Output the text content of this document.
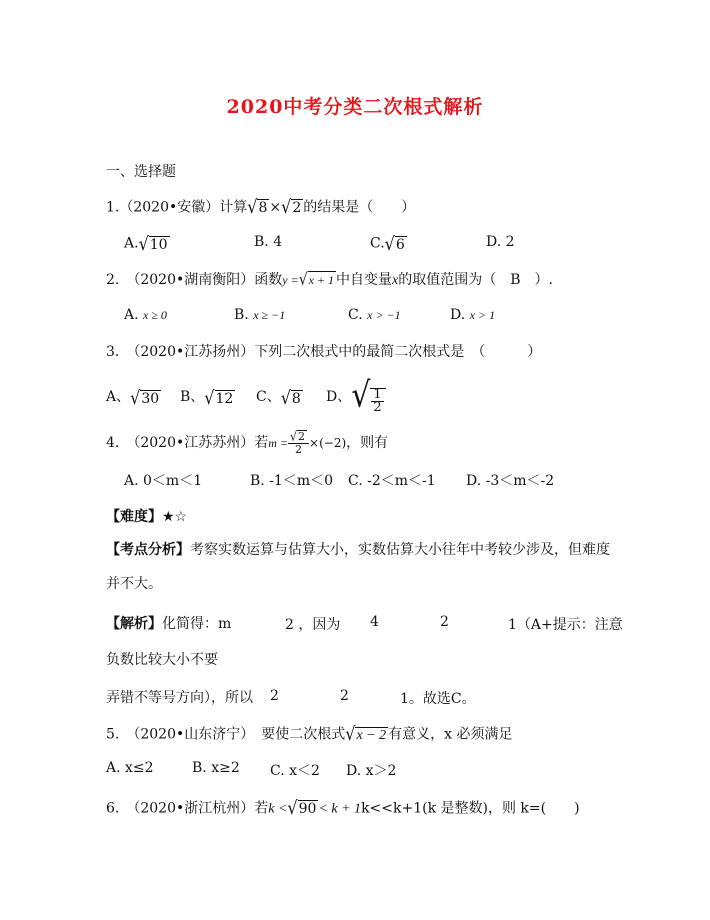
2020中考分类二次根式解析
一、选择题
1.（2020•安徽）计算√8 ×√2 的结果是（　　）
A.√10	B. 4	C.√6	D. 2
2.　（2020•湖南衡阳）函数y =√x + 1 中自变量x的取值范围为（　B　）.
A. x ≥ 0	B. x ≥ −1	C. x > −1	D. x > 1
3.　（2020•江苏扬州）下列二次根式中的最简二次根式是　（　　　）
A、√30 B、√12 C、√8 D、√ $\frac{1}{2}$
4.　（2020•江苏苏州）若$m = \frac{√2}{2} \times(-2)$，则有
A. 0＜m＜1	B. -1＜m＜0 C. -2＜m＜-1 D. -3＜m＜-2
【难度】★☆
【考点分析】考察实数运算与估算大小，实数估算大小往年中考较少涉及，但难度
并不大。
【解析】化简得：m	2 ，因为 4	2	1（A+提示：注意
负数比较大小不要
弄错不等号方向），所以 2	2	1。故选C。
5.　（2020•山东济宁）　要使二次根式√x − 2 有意义，x 必须满足
A. x≤2	B. x≥2 C. x＜2 D. x＞2
6.　（2020•浙江杭州）若k <√90 < k + 1k<<k+1(k 是整数)，则 k=(　　)
